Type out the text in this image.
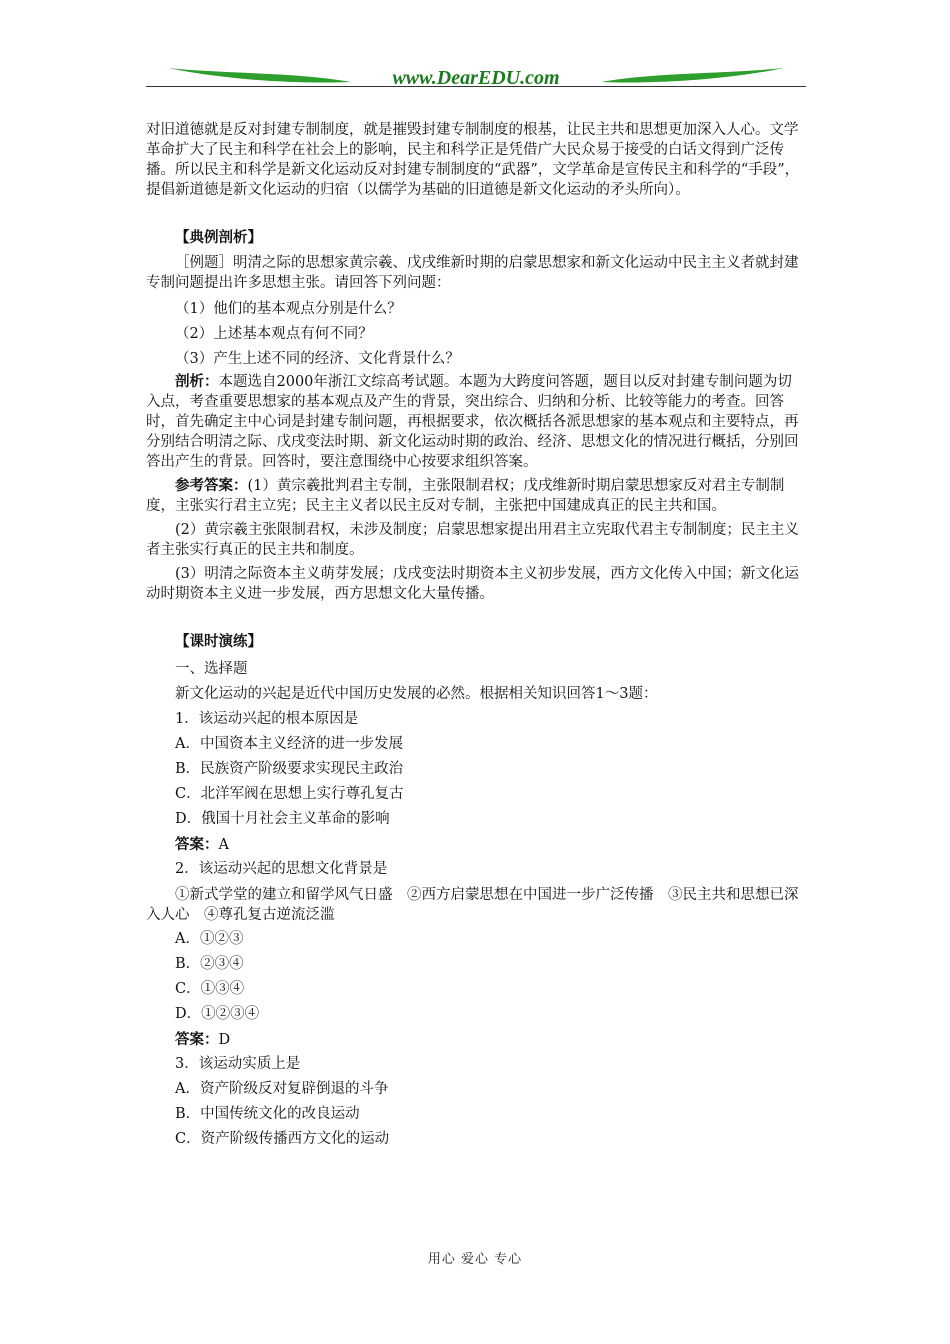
www.DearEDU.com

对旧道德就是反对封建专制制度，就是摧毁封建专制制度的根基，让民主共和思想更加深入人心。文学革命扩大了民主和科学在社会上的影响，民主和科学正是凭借广大民众易于接受的白话文得到广泛传播。所以民主和科学是新文化运动反对封建专制制度的“武器”，文学革命是宣传民主和科学的“手段”，提倡新道德是新文化运动的归宿（以儒学为基础的旧道德是新文化运动的矛头所向）。

【典例剖析】

［例题］明清之际的思想家黄宗羲、戊戌维新时期的启蒙思想家和新文化运动中民主主义者就封建专制问题提出许多思想主张。请回答下列问题：

（1）他们的基本观点分别是什么？
（2）上述基本观点有何不同？
（3）产生上述不同的经济、文化背景什么？

剖析：本题选自2000年浙江文综高考试题。本题为大跨度问答题，题目以反对封建专制问题为切入点，考查重要思想家的基本观点及产生的背景，突出综合、归纳和分析、比较等能力的考查。回答时，首先确定主中心词是封建专制问题，再根据要求，依次概括各派思想家的基本观点和主要特点，再分别结合明清之际、戊戌变法时期、新文化运动时期的政治、经济、思想文化的情况进行概括，分别回答出产生的背景。回答时，要注意围绕中心按要求组织答案。

参考答案：(1）黄宗羲批判君主专制，主张限制君权；戊戌维新时期启蒙思想家反对君主专制制度，主张实行君主立宪；民主主义者以民主反对专制，主张把中国建成真正的民主共和国。

(2）黄宗羲主张限制君权，未涉及制度；启蒙思想家提出用君主立宪取代君主专制制度；民主主义者主张实行真正的民主共和制度。

(3）明清之际资本主义萌芽发展；戊戌变法时期资本主义初步发展，西方文化传入中国；新文化运动时期资本主义进一步发展，西方思想文化大量传播。

【课时演练】
一、选择题
新文化运动的兴起是近代中国历史发展的必然。根据相关知识回答1～3题：
1．该运动兴起的根本原因是
A．中国资本主义经济的进一步发展
B．民族资产阶级要求实现民主政治
C．北洋军阀在思想上实行尊孔复古
D．俄国十月社会主义革命的影响
答案：A
2．该运动兴起的思想文化背景是

①新式学堂的建立和留学风气日盛　②西方启蒙思想在中国进一步广泛传播　③民主共和思想已深入人心　④尊孔复古逆流泛滥

A．①②③
B．②③④
C．①③④
D．①②③④
答案：D
3．该运动实质上是
A．资产阶级反对复辟倒退的斗争
B．中国传统文化的改良运动
C．资产阶级传播西方文化的运动
用心 爱心 专心
